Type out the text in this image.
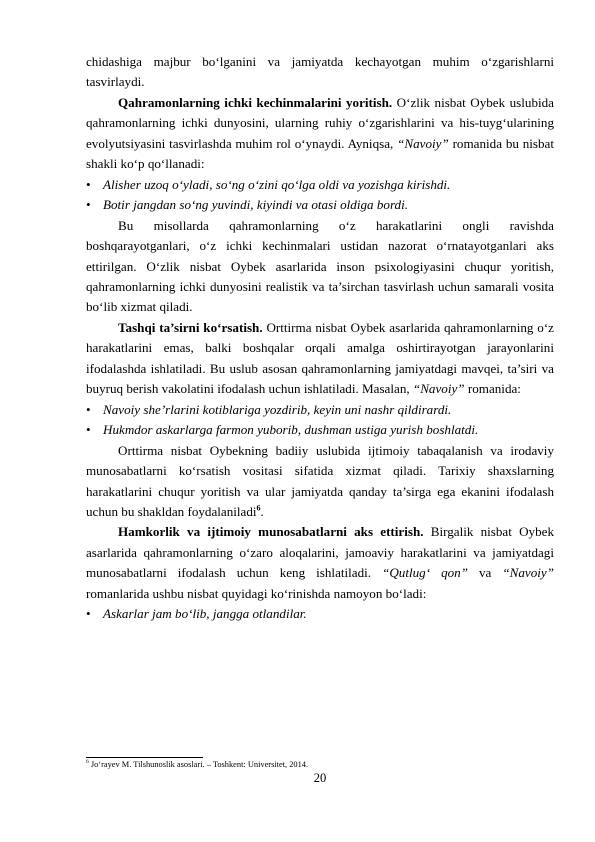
chidashiga majbur bo‘lganini va jamiyatda kechayotgan muhim o‘zgarishlarni tasvirlaydi.

Qahramonlarning ichki kechinmalarini yoritish. O‘zlik nisbat Oybek uslubida qahramonlarning ichki dunyosini, ularning ruhiy o‘zgarishlarini va his-tuyg‘ularining evolyutsiyasini tasvirlashda muhim rol o‘ynaydi. Ayniqsa, “Navoiy” romanida bu nisbat shakli ko‘p qo‘llanadi:

• Alisher uzoq o‘yladi, so‘ng o‘zini qo‘lga oldi va yozishga kirishdi.
• Botir jangdan so‘ng yuvindi, kiyindi va otasi oldiga bordi.

Bu misollarda qahramonlarning o‘z harakatlarini ongli ravishda boshqarayotganlari, o‘z ichki kechinmalari ustidan nazorat o‘rnatayotganlari aks ettirilgan. O‘zlik nisbat Oybek asarlarida inson psixologiyasini chuqur yoritish, qahramonlarning ichki dunyosini realistik va ta’sirchan tasvirlash uchun samarali vosita bo‘lib xizmat qiladi.

Tashqi ta’sirni ko‘rsatish. Orttirma nisbat Oybek asarlarida qahramonlarning o‘z harakatlarini emas, balki boshqalar orqali amalga oshirtirayotgan jarayonlarini ifodalashda ishlatiladi. Bu uslub asosan qahramonlarning jamiyatdagi mavqei, ta’siri va buyruq berish vakolatini ifodalash uchun ishlatiladi. Masalan, “Navoiy” romanida:

• Navoiy she’rlarini kotiblariga yozdirib, keyin uni nashr qildirardi.
• Hukmdor askarlarga farmon yuborib, dushman ustiga yurish boshlatdi.

Orttirma nisbat Oybekning badiiy uslubida ijtimoiy tabaqalanish va irodaviy munosabatlarni ko‘rsatish vositasi sifatida xizmat qiladi. Tarixiy shaxslarning harakatlarini chuqur yoritish va ular jamiyatda qanday ta’sirga ega ekanini ifodalash uchun bu shakldan foydalaniladi$^6$.

Hamkorlik va ijtimoiy munosabatlarni aks ettirish. Birgalik nisbat Oybek asarlarida qahramonlarning o‘zaro aloqalarini, jamoaviy harakatlarini va jamiyatdagi munosabatlarni ifodalash uchun keng ishlatiladi. “Qutlug‘ qon” va “Navoiy” romanlarida ushbu nisbat quyidagi ko‘rinishda namoyon bo‘ladi:

• Askarlar jam bo‘lib, jangga otlandilar.
$^6$ Jo‘rayev M. Tilshunoslik asoslari. – Toshkent: Universitet, 2014.
20
